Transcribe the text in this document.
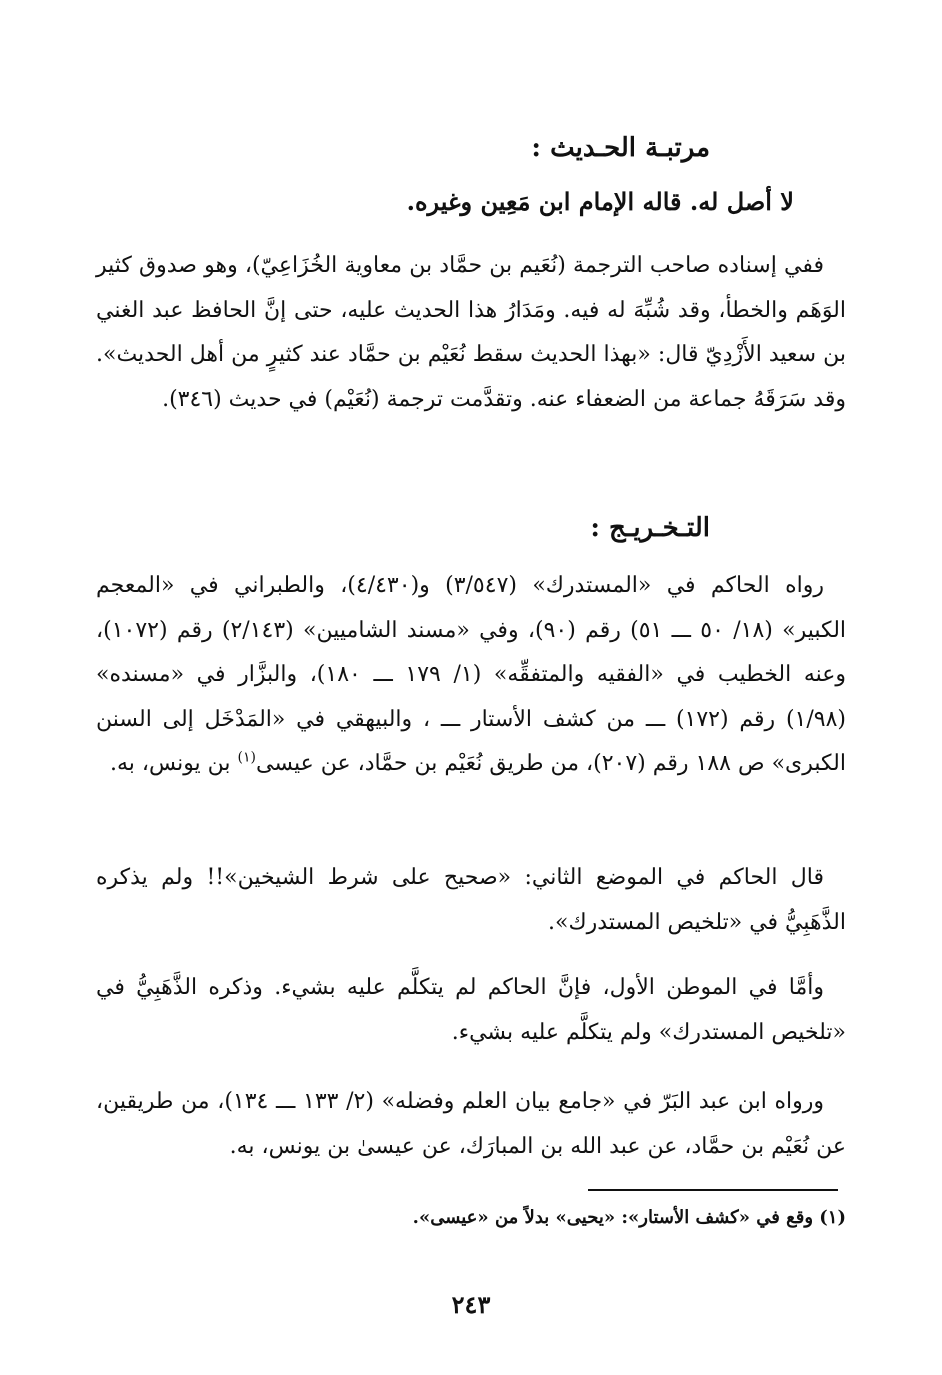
مرتبـة الحـديث :
لا أصل له. قاله الإمام ابن مَعِين وغيره.

ففي إسناده صاحب الترجمة (نُعَيم بن حمَّاد بن معاوية الخُزَاعِيّ)، وهو صدوق كثير الوَهَم والخطأ، وقد شُبِّهَ له فيه. ومَدَارُ هذا الحديث عليه، حتى إنَّ الحافظ عبد الغني بن سعيد الأَزْدِيّ قال: «بهذا الحديث سقط نُعَيْم بن حمَّاد عند كثيرٍ من أهل الحديث». وقد سَرَقَهُ جماعة من الضعفاء عنه. وتقدَّمت ترجمة (نُعَيْم) في حديث (٣٤٦).

التـخـريـج :

رواه الحاكم في «المستدرك» (٣/٥٤٧) و(٤/٤٣٠)، والطبراني في «المعجم الكبير» (١٨/ ٥٠ ـــ ٥١) رقم (٩٠)، وفي «مسند الشاميين» (٢/١٤٣) رقم (١٠٧٢)، وعنه الخطيب في «الفقيه والمتفقِّه» (١/ ١٧٩ ـــ ١٨٠)، والبزَّار في «مسنده» (١/٩٨) رقم (١٧٢) ـــ من كشف الأستار ـــ ، والبيهقي في «المَدْخَل إلى السنن الكبرى» ص ١٨٨ رقم (٢٠٧)، من طريق نُعَيْم بن حمَّاد، عن عيسى$^{(١)}$ بن يونس، به.

قال الحاكم في الموضع الثاني: «صحيح على شرط الشيخين»!! ولم يذكره الذَّهَبِيُّ في «تلخيص المستدرك».

وأمَّا في الموطن الأول، فإنَّ الحاكم لم يتكلَّم عليه بشيء. وذكره الذَّهَبِيُّ في «تلخيص المستدرك» ولم يتكلَّم عليه بشيء.

ورواه ابن عبد البَرّ في «جامع بيان العلم وفضله» (٢/ ١٣٣ ـــ ١٣٤)، من طريقين، عن نُعَيْم بن حمَّاد، عن عبد الله بن المبارَك، عن عيسىٰ بن يونس، به.

(١) وقع في «كشف الأستار»: «يحيى» بدلاً من «عيسى».
٢٤٣
